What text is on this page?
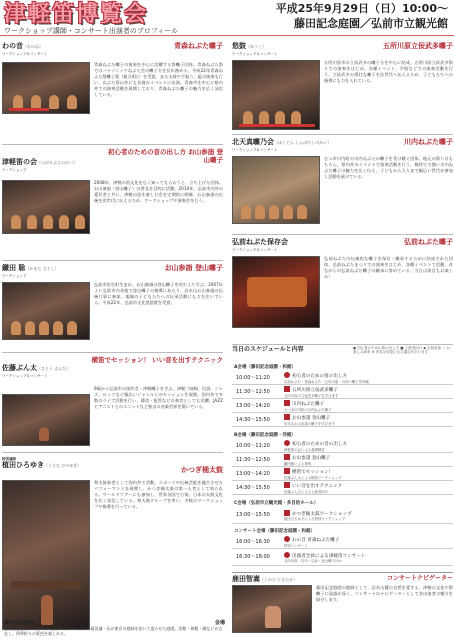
津軽笛博覧会
ワークショップ講師・コンサート出演者のプロフィール
平成25年9月29日（日）10:00～
藤田記念庭園／弘前市立観光館
わの音（わのね）	青森ねぶた囃子
ワークショップ＆コンサート
青森ねぶた囃子の演奏を中心に活躍する祭囃子団体。青森ねぶた祭ではパナソニックねぶた会の囃子方を長年務める。平成22年青森ねぶた祭囃子賞（組合4位）を受賞。また太鼓や手振り、鉦の演奏も行い、ねぶた祭以外にも各地のイベントに出演。青森市を中心に県内外での演奏活動を展開しており、青森ねぶた囃子の魅力を広く発信している。
津軽笛の会（つがるぶえのかい）
初心者のための音の出し方 お山参詣 登山囃子
ワークショップ
2008年、津軽の笛文化を広く知ってもらおうと、立ち上げた団体。お山参詣（登山囃子）の普及を目的に活動。2010年、弘前市内外の愛好者と共に、津軽の笛を楽しむ会を定期的に開催。お山参詣の伝統を次世代に伝えるため、ワークショップや演奏会を行う。
鎌田 聡（かまた さとし）	お山参詣 登山囃子
ワークショップ
弘前市弥生町生まれ。お山参詣の登山囃子を幼少より学ぶ。2007年より弘前市内各地で登山囃子の指導にあたり、岩木山お山参詣の伝統行事に参加。地域の子どもたちへの伝承活動にも力を注いでいる。平成22年、弘前市文化奨励賞を受賞。
横笛でセッション！ いい音を出すテクニック
佐藤ぶん太（さとう ぶんた）
ワークショップ＆コンサート
9歳から弘前市の笛吹き・津軽囃子を学ぶ。津軽三味線、民謡、ジャズ、ロックなど幅広いジャンルとのセッションを展開。国内外で多数のライブ活動を行い、篠笛・能管などの奏者としても活躍。JAZZピアニストとのユニットなど独自の音楽世界を築いている。
特別講師
植田ひろゆき（うえだ ひろゆき）
かつぎ桶太鼓
和太鼓奏者として国内外で活動。スポーツや伝統芸能を融合させたパフォーマンスを展開し、かつぎ桶太鼓の第一人者として知られる。ワールドツアーにも参加し、世界各国で公演。日本の太鼓文化を広く発信している。和太鼓グループを率い、多数のワークショップや指導を行っている。
藤田記念庭園	会場
藤田記念庭園は大正8年に弘前市出身の実業家・藤田謙一氏が東京の庭師を招いて造らせた庭園。洋館・和館・蔵などが点在し、四季折々の景色を楽しめる。
悠鼓（ゆうこ）	五所川原立佞武多囃子
ワークショップ＆コンサート
五所川原市の立佞武多の囃子方を中心に結成。五所川原立佞武多祭りでの演奏をはじめ、各種イベント、学校などでの演奏活動を行う。立佞武多の勇壮な囃子を次世代へ伝えるため、子どもたちへの指導にも力を入れている。
北天真囃乃会（ほくてん しんばやしのかい）	川内ねぶた囃子
ワークショップ＆コンサート
むつ市川内町の川内ねぶたの囃子を受け継ぐ団体。地元の祭りはもちろん、県内外のイベントで演奏活動を行う。軽快で力強い川内ねぶた囃子の魅力を広く伝え、子どもから大人まで幅広い世代が参加し活動を続けている。
弘前ねぷた保存会	弘前ねぷた囃子
ワークショップ＆コンサート
弘前ねぷたの伝統的な囃子を保存・継承するために結成された団体。弘前ねぷたまつりでの演奏をはじめ、各種イベントで活動。昔ながらの弘前ねぷた囃子の継承に努めている。当日は演目もお楽しみ！
当日のスケジュールと内容	● 初心者のための笛の出し方 ■ 上級者向け ◆ 全員参加 ☆ お楽しみ演奏 ※ 内容は変更になる場合があります
A会場（藤田記念庭園・和館）
10:00～11:20	初心者のための笛の出し方
弘前ねぷた・青森ねぶた・五所川原・川内の囃子を体験
11:30～12:50	五所川原立佞武多囃子
五所川原の立佞武多囃子を学びます
13:00～14:20	川内ねぶた囃子
むつ市川内町の川内ねぶた囃子
14:30～15:50	お山参詣 登山囃子
岩木山お山参詣の囃子を学びます
B会場（藤田記念庭園・洋館）
10:00～11:20	初心者のための音の出し方
津軽笛の会による基礎練習
11:30～12:50	お山参詣 登山囃子
鎌田聡による指導
13:00～14:20	横笛でセッション！
佐藤ぶん太による横笛ワークショップ
14:30～15:50	いい音を出すテクニック
佐藤ぶん太による上級者向け
C会場（弘前市立観光館・多目的ホール）
13:00～15:50	かつぎ桶太鼓ワークショップ
植田ひろゆきによる特別ワークショップ
コンサート会場（藤田記念庭園・和館）
16:00～16:30	わの音 青森ねぶた囃子
特別コンサート
16:30～18:00	出演者全員による津軽笛コンサート
五所川原・川内・弘前・登山囃子ほか
鹿田智嵩（しかた ともたか）	コンサートナビゲーター
藤田記念庭園の庭師として、岩木山麓の自然を愛する。津軽の文化や祭囃子に造詣が深く、コンサートのナビゲーターとして各出演者の魅力を紹介します。
